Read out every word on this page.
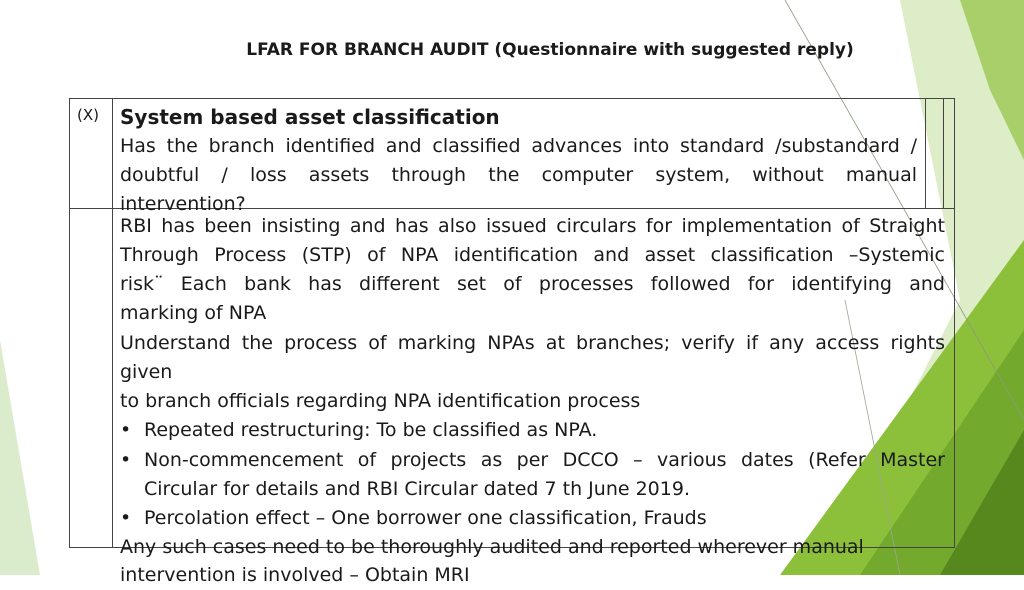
LFAR FOR BRANCH AUDIT (Questionnaire with suggested reply)
(X) System based asset classification
Has the branch identified and classified advances into standard /substandard /
doubtful / loss assets through the computer system, without manual
intervention?
RBI has been insisting and has also issued circulars for implementation of Straight
Through Process (STP) of NPA identification and asset classification –Systemic
risk¨ Each bank has different set of processes followed for identifying and
marking of NPA
Understand the process of marking NPAs at branches; verify if any access rights
given
to branch officials regarding NPA identification process
• Repeated restructuring: To be classified as NPA.
• Non-commencement of projects as per DCCO – various dates (Refer Master
Circular for details and RBI Circular dated 7 th June 2019.
• Percolation effect – One borrower one classification, Frauds
Any such cases need to be thoroughly audited and reported wherever manual
intervention is involved – Obtain MRI
